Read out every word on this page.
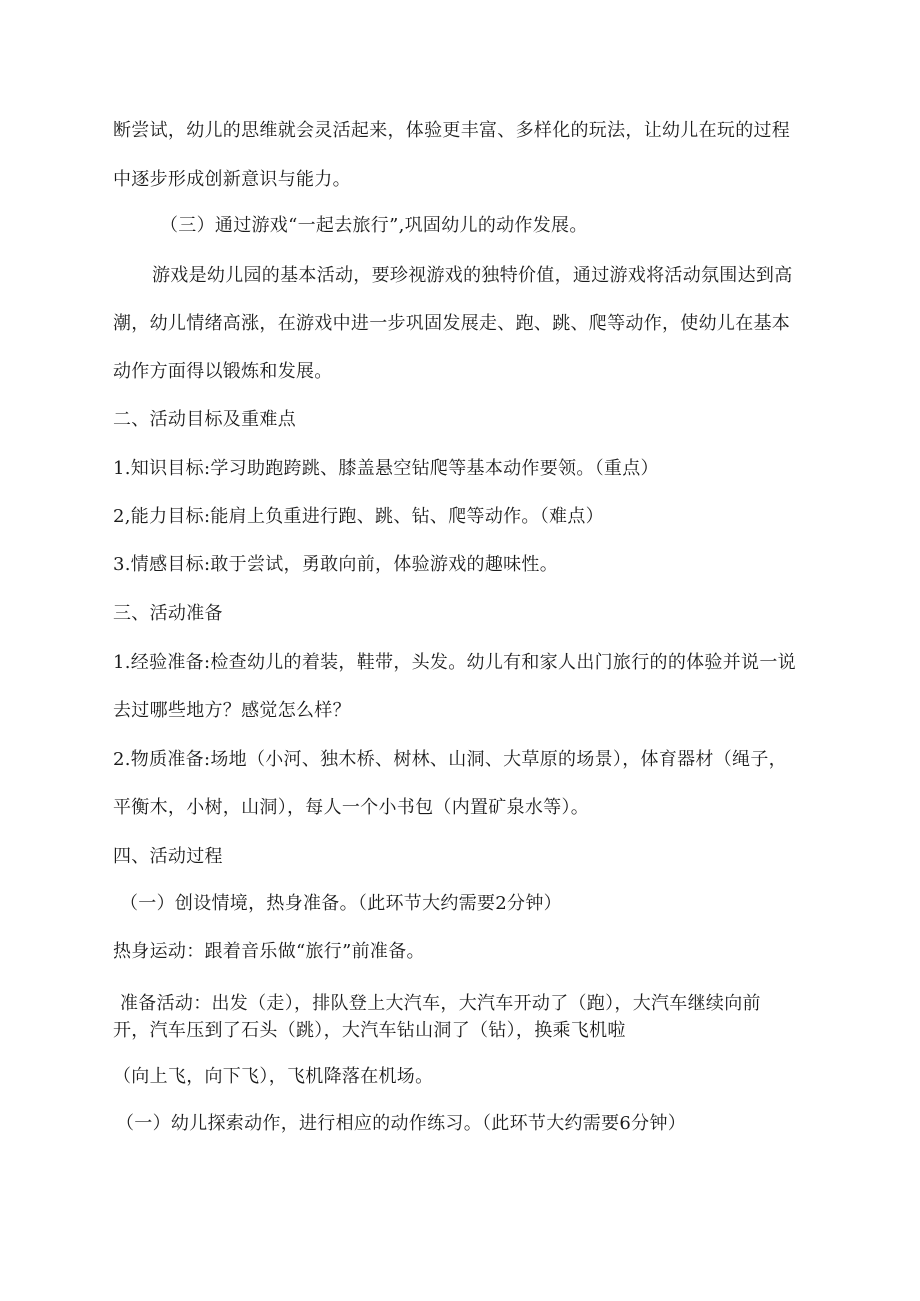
断尝试，幼儿的思维就会灵活起来，体验更丰富、多样化的玩法，让幼儿在玩的过程
中逐步形成创新意识与能力。
（三）通过游戏“一起去旅行”,巩固幼儿的动作发展。
游戏是幼儿园的基本活动，要珍视游戏的独特价值，通过游戏将活动氛围达到高
潮，幼儿情绪高涨，在游戏中进一步巩固发展走、跑、跳、爬等动作，使幼儿在基本
动作方面得以锻炼和发展。
二、活动目标及重难点
1.知识目标:学习助跑跨跳、膝盖悬空钻爬等基本动作要领。（重点）
2,能力目标:能肩上负重进行跑、跳、钻、爬等动作。（难点）
3.情感目标:敢于尝试，勇敢向前，体验游戏的趣味性。
三、活动准备
1.经验准备:检查幼儿的着装，鞋带，头发。幼儿有和家人出门旅行的的体验并说一说
去过哪些地方？感觉怎么样？
2.物质准备:场地（小河、独木桥、树林、山洞、大草原的场景），体育器材（绳子，
平衡木，小树，山洞），每人一个小书包（内置矿泉水等）。
四、活动过程
（一）创设情境，热身准备。（此环节大约需要2分钟）
热身运动：跟着音乐做“旅行”前准备。
准备活动：出发（走），排队登上大汽车，大汽车开动了（跑），大汽车继续向前
开，汽车压到了石头（跳），大汽车钻山洞了（钻），换乘飞机啦
（向上飞，向下飞），飞机降落在机场。
（一）幼儿探索动作，进行相应的动作练习。（此环节大约需要6分钟）
